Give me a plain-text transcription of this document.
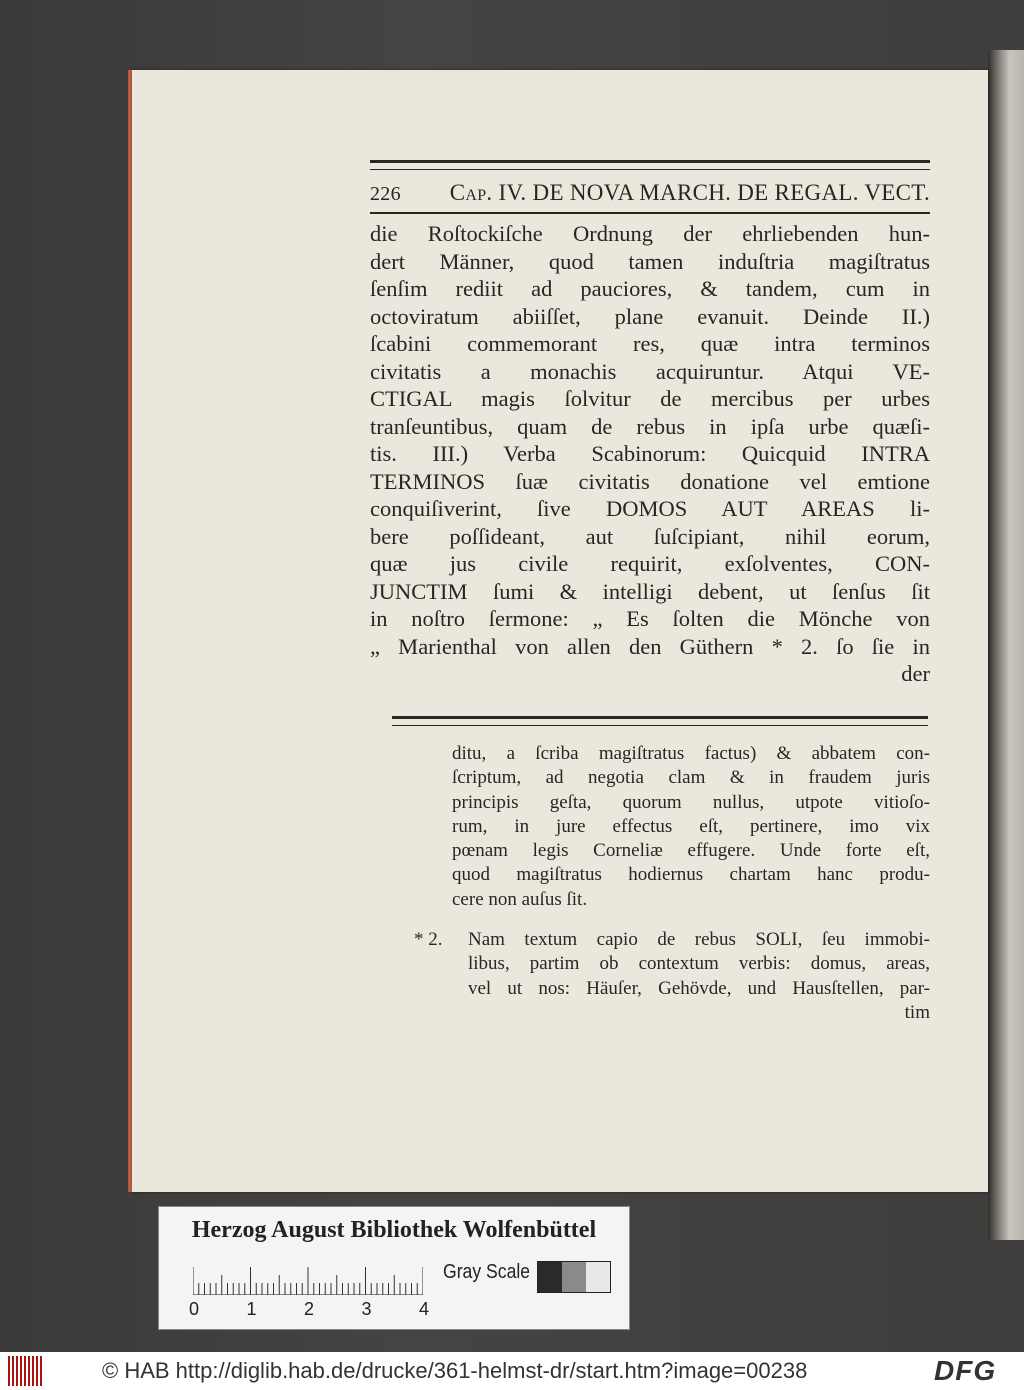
226 Cap. IV. DE NOVA MARCH. DE REGAL. VECT.
die Roſtockiſche Ordnung der ehrliebenden hun-
dert Männer, quod tamen induſtria magiſtratus
ſenſim rediit ad pauciores, & tandem, cum in
octoviratum abiiſſet, plane evanuit. Deinde II.)
ſcabini commemorant res, quæ intra terminos
civitatis a monachis acquiruntur. Atqui VE-
CTIGAL magis ſolvitur de mercibus per urbes
tranſeuntibus, quam de rebus in ipſa urbe quæſi-
tis. III.) Verba Scabinorum: Quicquid INTRA
TERMINOS ſuæ civitatis donatione vel emtione
conquiſiverint, ſive DOMOS AUT AREAS li-
bere poſſideant, aut ſuſcipiant, nihil eorum,
quæ jus civile requirit, exſolventes, CON-
JUNCTIM ſumi & intelligi debent, ut ſenſus ſit
in noſtro ſermone: „ Es ſolten die Mönche von
„ Marienthal von allen den Güthern * 2. ſo ſie in
der
ditu, a ſcriba magiſtratus factus) & abbatem con-
ſcriptum, ad negotia clam & in fraudem juris
principis geſta, quorum nullus, utpote vitioſo-
rum, in jure effectus eſt, pertinere, imo vix
pœnam legis Corneliæ effugere. Unde forte eſt,
quod magiſtratus hodiernus chartam hanc produ-
cere non auſus ſit.
* 2. Nam textum capio de rebus SOLI, ſeu immobi-
libus, partim ob contextum verbis: domus, areas,
vel ut nos: Häuſer, Gehövde, und Hausſtellen, par-
tim
Herzog August Bibliothek Wolfenbüttel
0	1	2	3	4
Gray Scale
© HAB http://diglib.hab.de/drucke/361-helmst-dr/start.htm?image=00238	DFG
